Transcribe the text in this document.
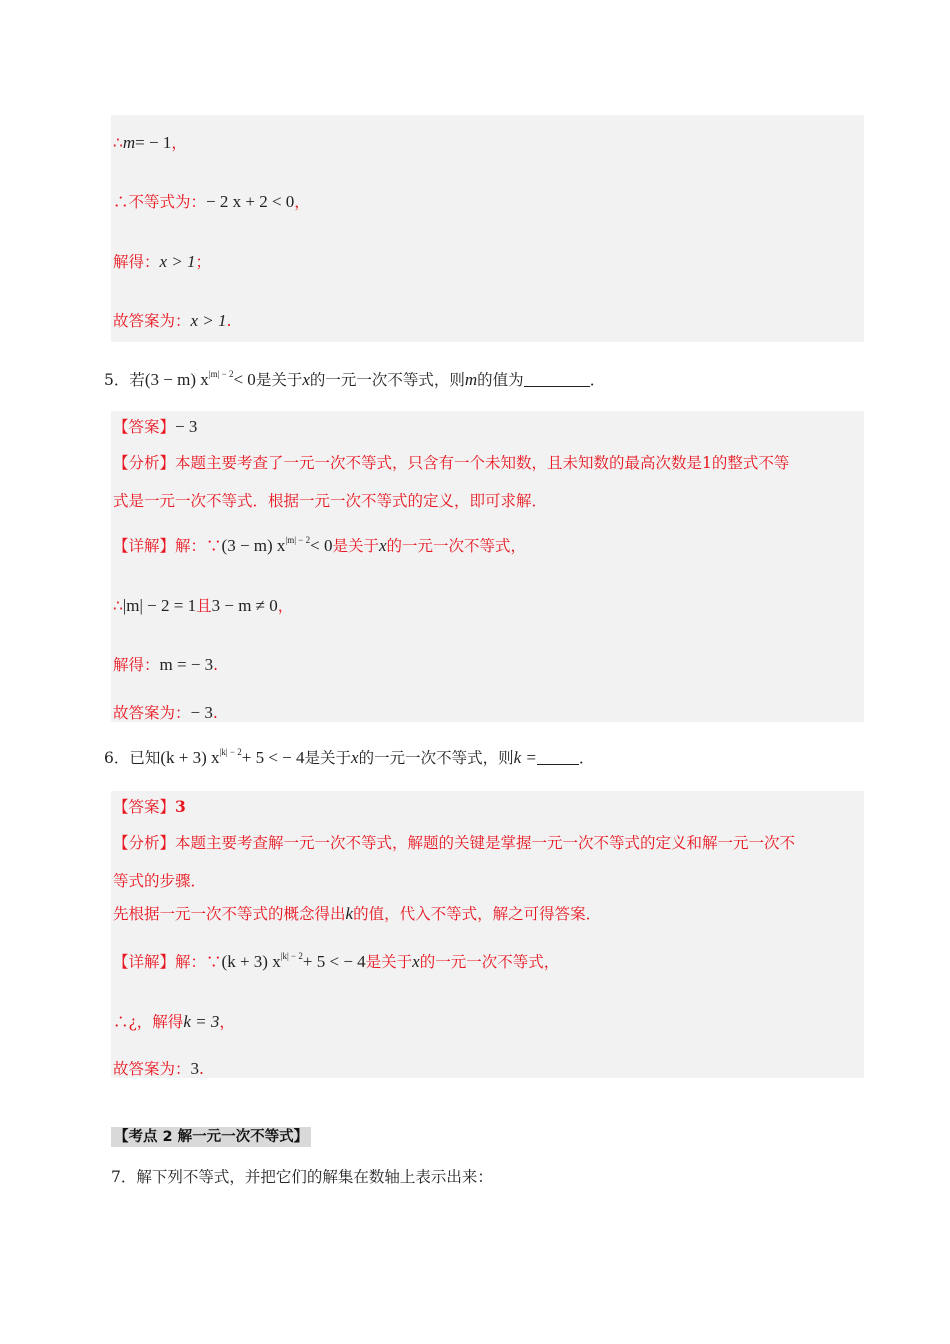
∴m= − 1，
∴不等式为：− 2 x + 2 < 0，
解得：x > 1；
故答案为：x > 1.
5．若(3 − m) $x^{|m| - 2}< 0$是关于x的一元一次不等式，则m的值为	．
【答案】− 3
【分析】本题主要考查了一元一次不等式，只含有一个未知数，且未知数的最高次数是1的整式不等
式是一元一次不等式．根据一元一次不等式的定义，即可求解．
【详解】解：∵(3 − m) $x^{|m| - 2}< 0$是关于x的一元一次不等式，
∴|m| − 2 = 1且3 − m ≠ 0，
解得：m = − 3.
故答案为：− 3.
6．已知(k + 3) $x^{|k| - 2}+ 5$ < − 4是关于x的一元一次不等式，则k =	．
【答案】3
【分析】本题主要考查解一元一次不等式，解题的关键是掌握一元一次不等式的定义和解一元一次不
等式的步骤．
先根据一元一次不等式的概念得出k的值，代入不等式，解之可得答案．
【详解】解：∵(k + 3) $x^{|k| - 2}+ 5$ < − 4是关于x的一元一次不等式，
∴¿，解得k = 3，
故答案为：3.
【考点 2 解一元一次不等式】
7．解下列不等式，并把它们的解集在数轴上表示出来：
